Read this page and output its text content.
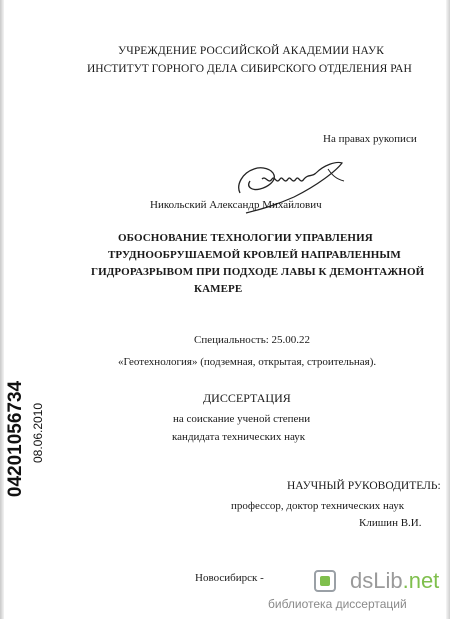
УЧРЕЖДЕНИЕ РОССИЙСКОЙ АКАДЕМИИ НАУК
ИНСТИТУТ ГОРНОГО ДЕЛА СИБИРСКОГО ОТДЕЛЕНИЯ РАН
На правах рукописи
Никольский Александр Михайлович
ОБОСНОВАНИЕ ТЕХНОЛОГИИ УПРАВЛЕНИЯ
ТРУДНООБРУШАЕМОЙ КРОВЛЕЙ НАПРАВЛЕННЫМ
ГИДРОРАЗРЫВОМ ПРИ ПОДХОДЕ ЛАВЫ К ДЕМОНТАЖНОЙ
КАМЕРЕ
Специальность: 25.00.22
«Геотехнология» (подземная, открытая, строительная).
ДИССЕРТАЦИЯ
на соискание ученой степени
кандидата технических наук
НАУЧНЫЙ РУКОВОДИТЕЛЬ:
профессор, доктор технических наук
Клишин В.И.
Новосибирск -
04201056734 08.06.2010
dsLib.net
библиотека диссертаций
